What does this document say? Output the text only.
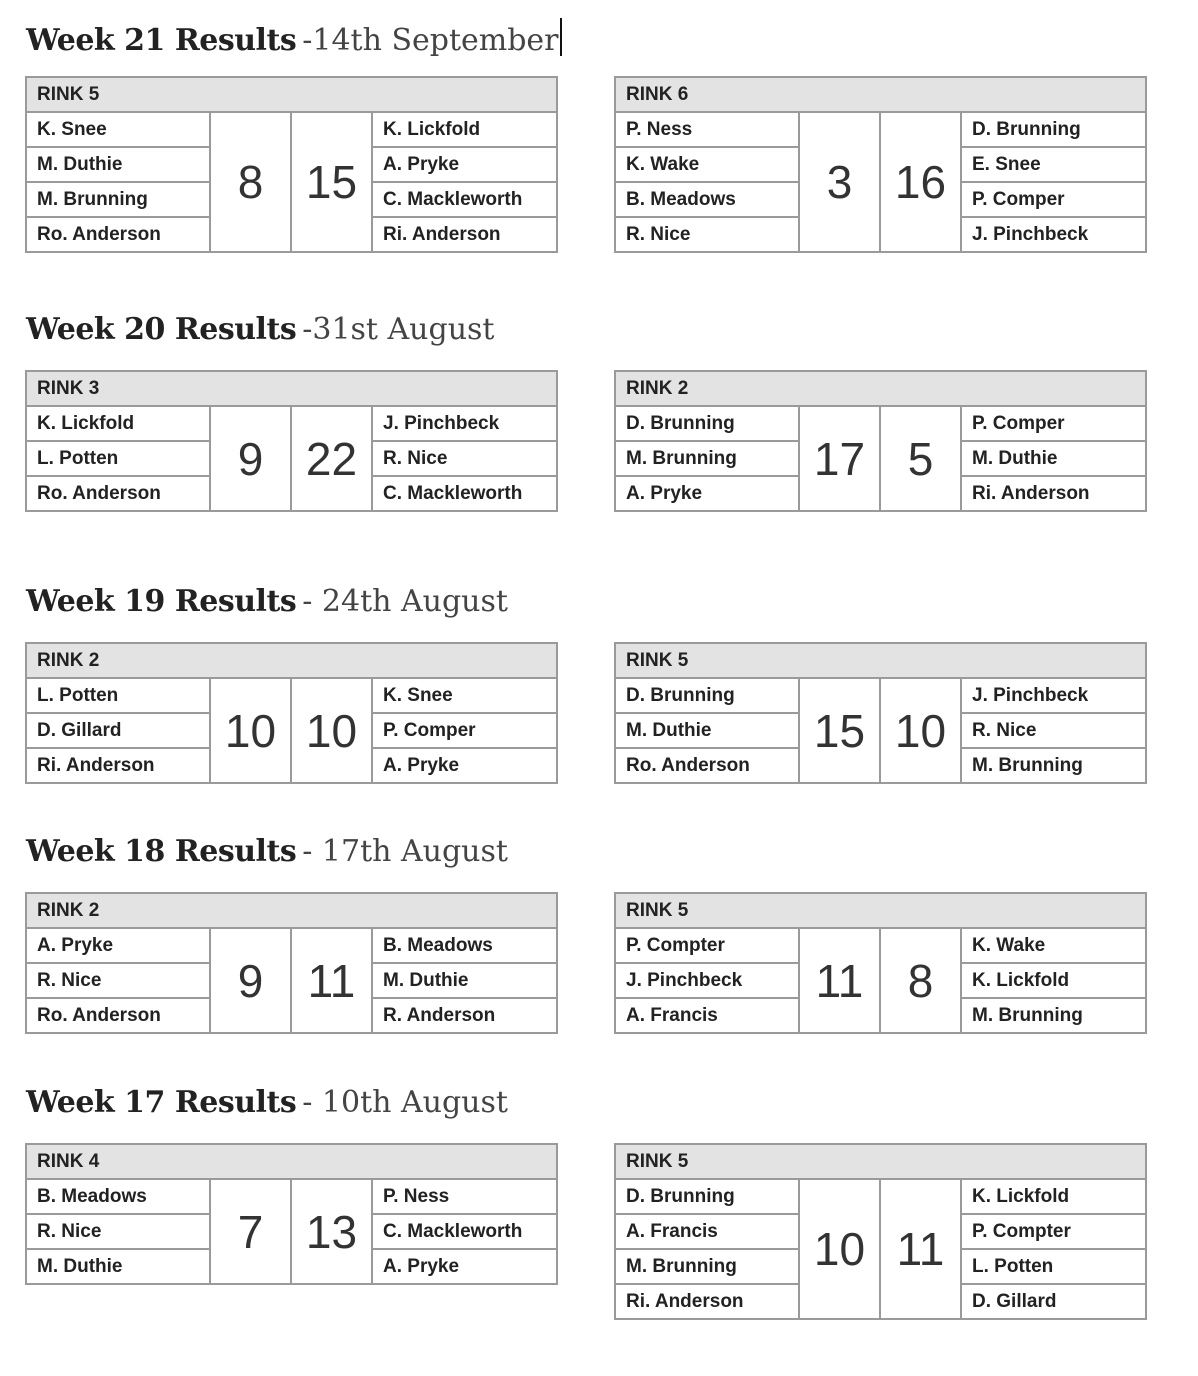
Week 21 Results -14th September
RINK 5			
K. Snee	8	15	K. Lickfold
M. Duthie			A. Pryke
M. Brunning			C. Mackleworth
Ro. Anderson			Ri. Anderson
RINK 6			
P. Ness	3	16	D. Brunning
K. Wake			E. Snee
B. Meadows			P. Comper
R. Nice			J. Pinchbeck
Week 20 Results -31st August
RINK 3			
K. Lickfold	9	22	J. Pinchbeck
L. Potten			R. Nice
Ro. Anderson			C. Mackleworth
RINK 2			
D. Brunning	17	5	P. Comper
M. Brunning			M. Duthie
A. Pryke			Ri. Anderson
Week 19 Results - 24th August
RINK 2			
L. Potten	10	10	K. Snee
D. Gillard			P. Comper
Ri. Anderson			A. Pryke
RINK 5			
D. Brunning	15	10	J. Pinchbeck
M. Duthie			R. Nice
Ro. Anderson			M. Brunning
Week 18 Results - 17th August
RINK 2			
A. Pryke	9	11	B. Meadows
R. Nice			M. Duthie
Ro. Anderson			R. Anderson
RINK 5			
P. Compter	11	8	K. Wake
J. Pinchbeck			K. Lickfold
A. Francis			M. Brunning
Week 17 Results - 10th August
RINK 4			
B. Meadows	7	13	P. Ness
R. Nice			C. Mackleworth
M. Duthie			A. Pryke
RINK 5			
D. Brunning	10	11	K. Lickfold
A. Francis			P. Compter
M. Brunning			L. Potten
Ri. Anderson			D. Gillard
